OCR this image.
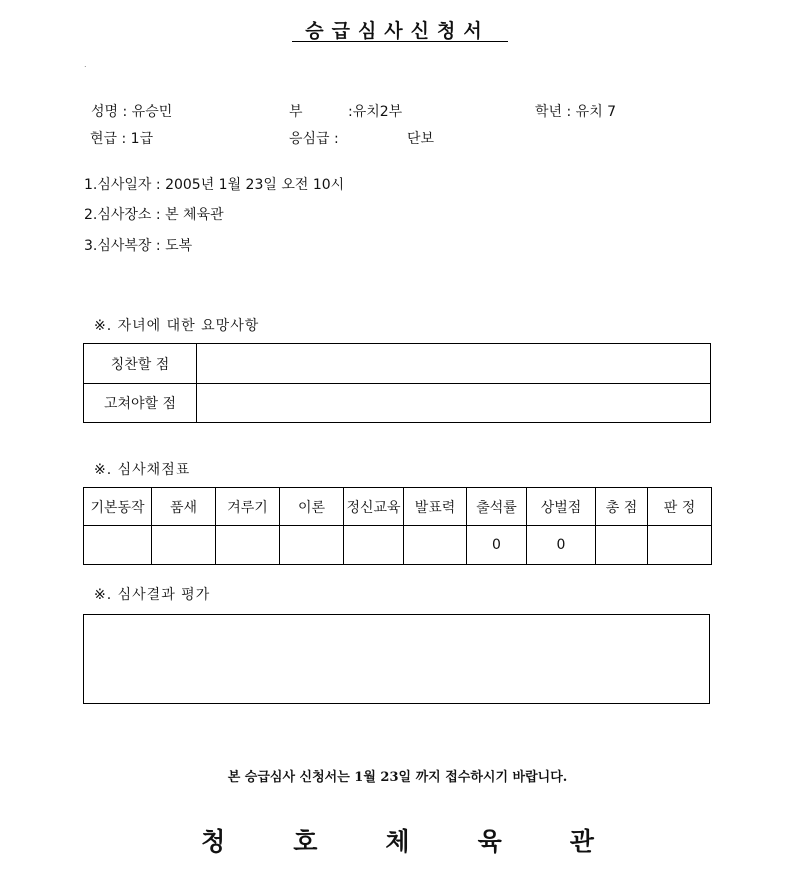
승급심사신청서
.
성명 : 유승민	부	:유치2부	학년 : 유치 7
현급 : 1급	응심급 :	단보
1.심사일자 : 2005년 1월 23일 오전 10시
2.심사장소 : 본 체육관
3.심사복장 : 도복
※. 자녀에 대한 요망사항
칭찬할 점	
고쳐야할 점	
※. 심사채점표
기본동작	품새	겨루기	이론	정신교육	발표력	출석률	상벌점	총 점	판 정
						0	0		
※. 심사결과 평가
본 승급심사 신청서는 1월 23일 까지 접수하시기 바랍니다.
청	호	체	육	관
